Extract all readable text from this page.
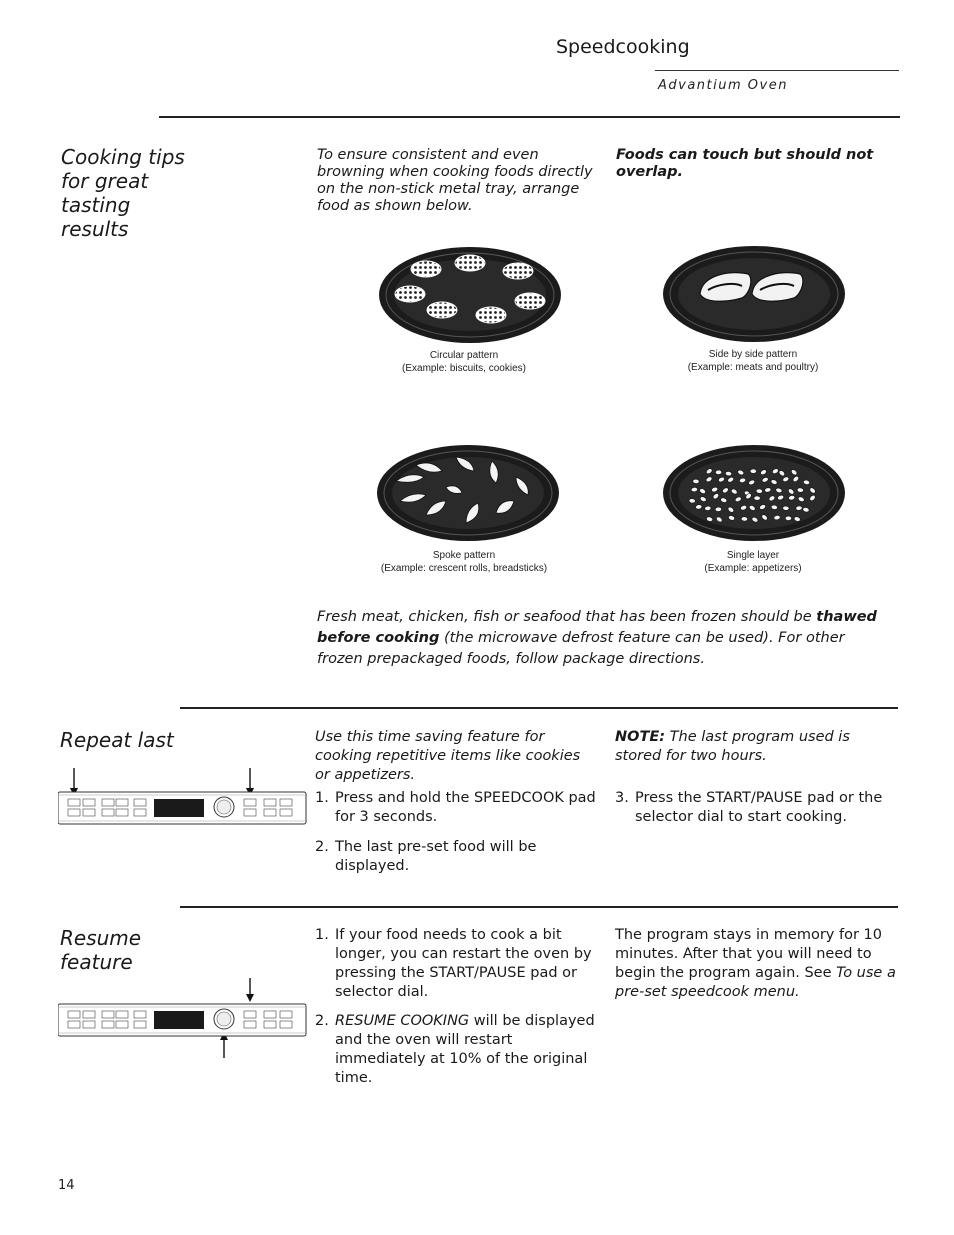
Speedcooking
Advantium Oven
Cooking tips
for great
tasting
results
To ensure consistent and even browning when cooking foods directly on the non-stick metal tray, arrange food as shown below.
Foods can touch but should not overlap.
Circular pattern
(Example: biscuits, cookies)
Side by side pattern
(Example: meats and poultry)
Spoke pattern
(Example: crescent rolls, breadsticks)
Single layer
(Example: appetizers)
Fresh meat, chicken, fish or seafood that has been frozen should be thawed before cooking (the microwave defrost feature can be used). For other frozen prepackaged foods, follow package directions.
Repeat last	Use this time saving feature for cooking repetitive items like cookies or appetizers.
1. Press and hold the SPEEDCOOK pad for 3 seconds.
2. The last pre-set food will be displayed.
NOTE: The last program used is stored for two hours.
3. Press the START/PAUSE pad or the selector dial to start cooking.
Resume
feature
1. If your food needs to cook a bit longer, you can restart the oven by pressing the START/PAUSE pad or selector dial.
2. RESUME COOKING will be displayed and the oven will restart immediately at 10% of the original time.
The program stays in memory for 10 minutes. After that you will need to begin the program again. See To use a pre-set speedcook menu.
14
